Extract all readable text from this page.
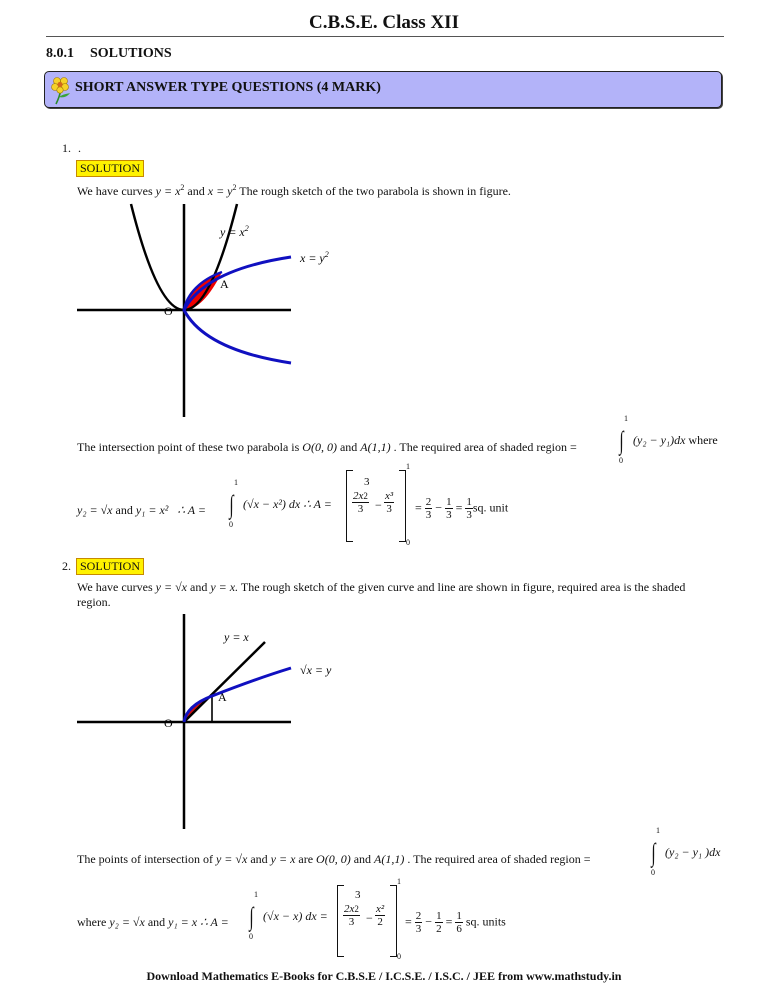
C.B.S.E. Class XII
8.0.1 SOLUTIONS
SHORT ANSWER TYPE QUESTIONS (4 MARK)
1. .
SOLUTION
We have curves $y = x^2$ and $x = y^2$ The rough sketch of the two parabola is shown in figure.
$y = x^2$
$x = y^2$
A
O
The intersection point of these two parabola is O(0, 0) and A(1,1) . The required area of shaded region =
1
∫
0
(y₂ − y₁)dx where
y₂ = √x and y₁ = x² ∴ A =
1
∫
0
(√x − x²) dx ∴ A =
1
0
3
$\frac{2x2}{3} - \frac{\text{x³}}{3} = \frac{2}{3} - \frac{1}{3} = \frac{1}{3}$ sq. unit
2. SOLUTION
We have curves y = √x and y = x. The rough sketch of the given curve and line are shown in figure, required area is the shaded
region.
y = x
√x = y
A
O
The points of intersection of y = √x and y = x are O(0, 0) and A(1,1) . The required area of shaded region =
1
∫
0
(y₂ − y₁ )dx
where y₂ = √x and y₁ = x ∴ A =
1
∫
0
(√x − x) dx =
1
0
3
$\frac{2x2}{3} - \frac{\text{x²}}{2} = \frac{2}{3} - \frac{1}{2} = \frac{1}{6}$ sq. units
Download Mathematics E-Books for C.B.S.E / I.C.S.E. / I.S.C. / JEE from www.mathstudy.in
